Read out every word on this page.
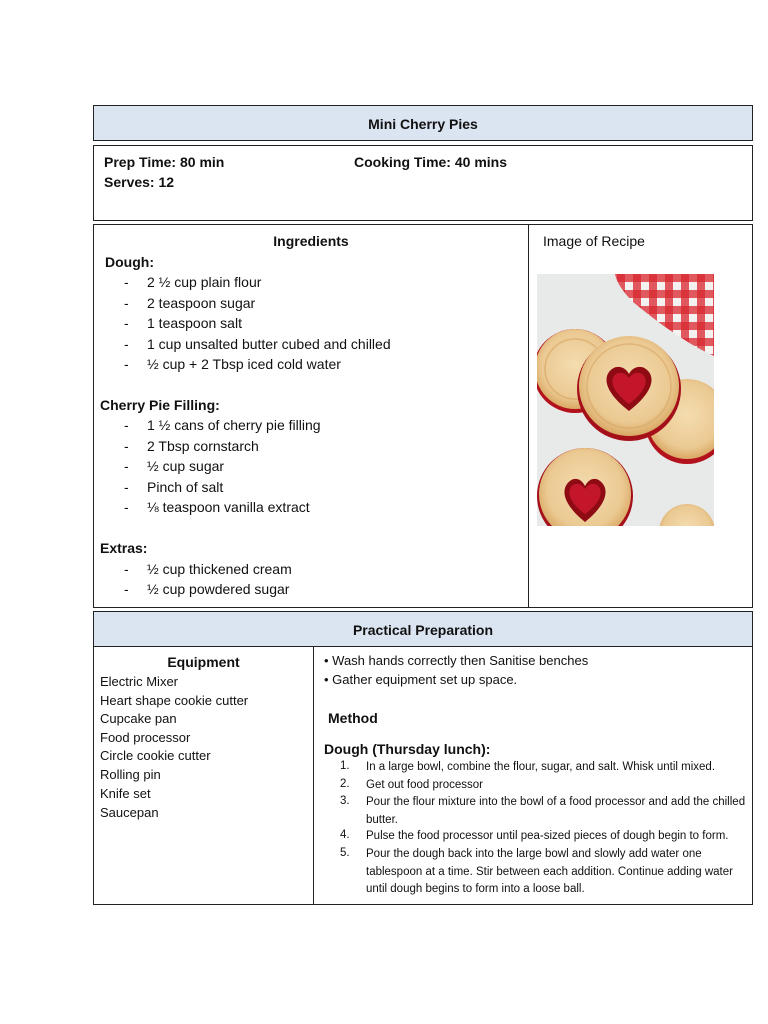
Mini Cherry Pies
Prep Time: 80 min
Serves: 12
Cooking Time: 40 mins
Ingredients
Dough:
- 2 ½ cup plain flour
- 2 teaspoon sugar
- 1 teaspoon salt
- 1 cup unsalted butter cubed and chilled
- ½ cup + 2 Tbsp iced cold water
Cherry Pie Filling:
- 1 ½ cans of cherry pie filling
- 2 Tbsp cornstarch
- ½ cup sugar
- Pinch of salt
- ⅛ teaspoon vanilla extract
Extras:
- ½ cup thickened cream
- ½ cup powdered sugar
Image of Recipe
Practical Preparation
Equipment
Electric Mixer
Heart shape cookie cutter
Cupcake pan
Food processor
Circle cookie cutter
Rolling pin
Knife set
Saucepan
• Wash hands correctly then Sanitise benches
• Gather equipment set up space.
Method
Dough (Thursday lunch):
1. In a large bowl, combine the flour, sugar, and salt. Whisk until mixed.
2. Get out food processor
3. Pour the flour mixture into the bowl of a food processor and add the chilled butter.
4. Pulse the food processor until pea-sized pieces of dough begin to form.
5. Pour the dough back into the large bowl and slowly add water one tablespoon at a time. Stir between each addition. Continue adding water until dough begins to form into a loose ball.
